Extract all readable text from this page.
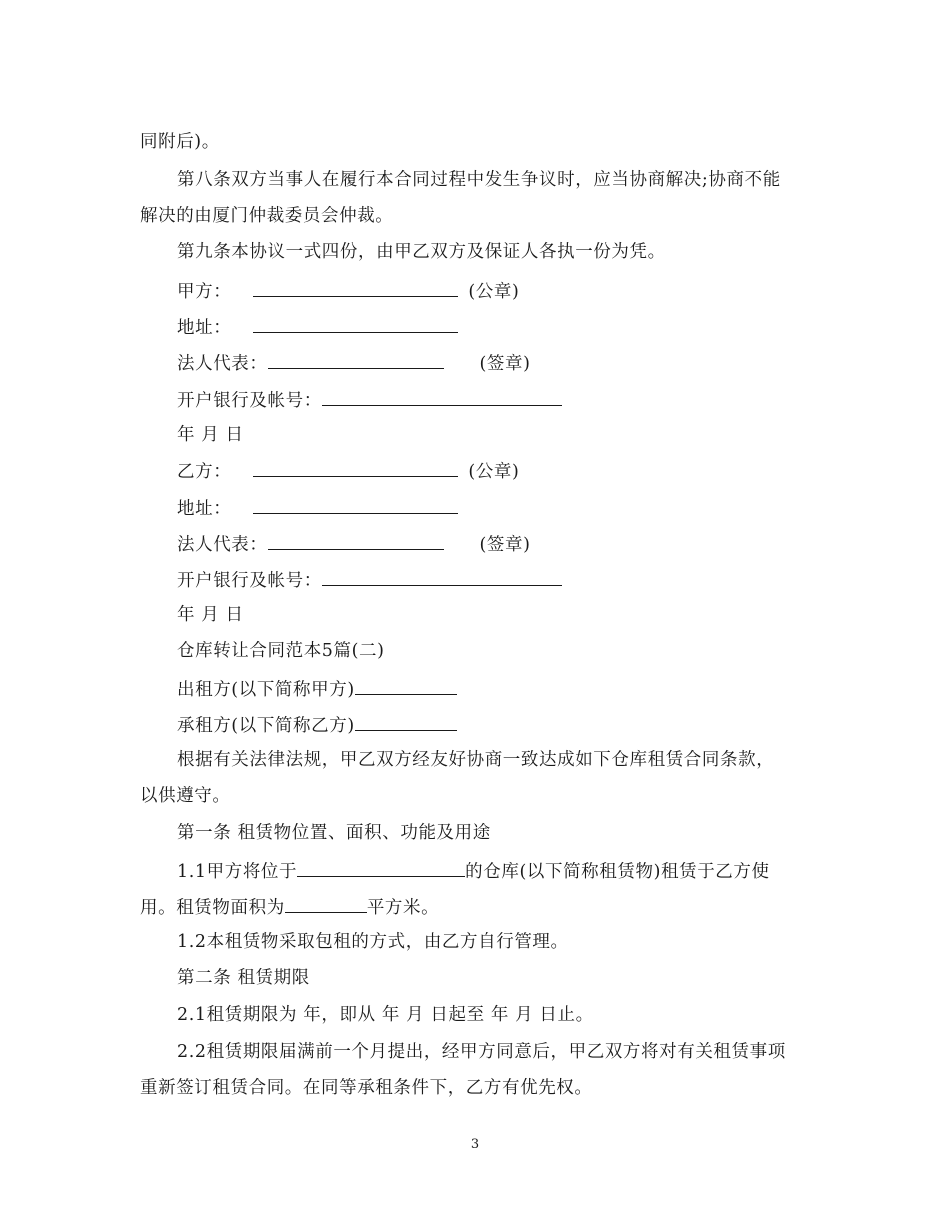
同附后)。
第八条双方当事人在履行本合同过程中发生争议时，应当协商解决;协商不能
解决的由厦门仲裁委员会仲裁。
第九条本协议一式四份，由甲乙双方及保证人各执一份为凭。
甲方：	(公章)
地址：
法人代表：	(签章)
开户银行及帐号：
年 月 日
乙方：	(公章)
地址：
法人代表：	(签章)
开户银行及帐号：
年 月 日
仓库转让合同范本5篇(二)
出租方(以下简称甲方)
承租方(以下简称乙方)
根据有关法律法规，甲乙双方经友好协商一致达成如下仓库租赁合同条款，
以供遵守。
第一条 租赁物位置、面积、功能及用途
1.1甲方将位于	的仓库(以下简称租赁物)租赁于乙方使
用。租赁物面积为	平方米。
1.2本租赁物采取包租的方式，由乙方自行管理。
第二条 租赁期限
2.1租赁期限为 年，即从 年 月 日起至 年 月 日止。
2.2租赁期限届满前一个月提出，经甲方同意后，甲乙双方将对有关租赁事项
重新签订租赁合同。在同等承租条件下，乙方有优先权。
3
